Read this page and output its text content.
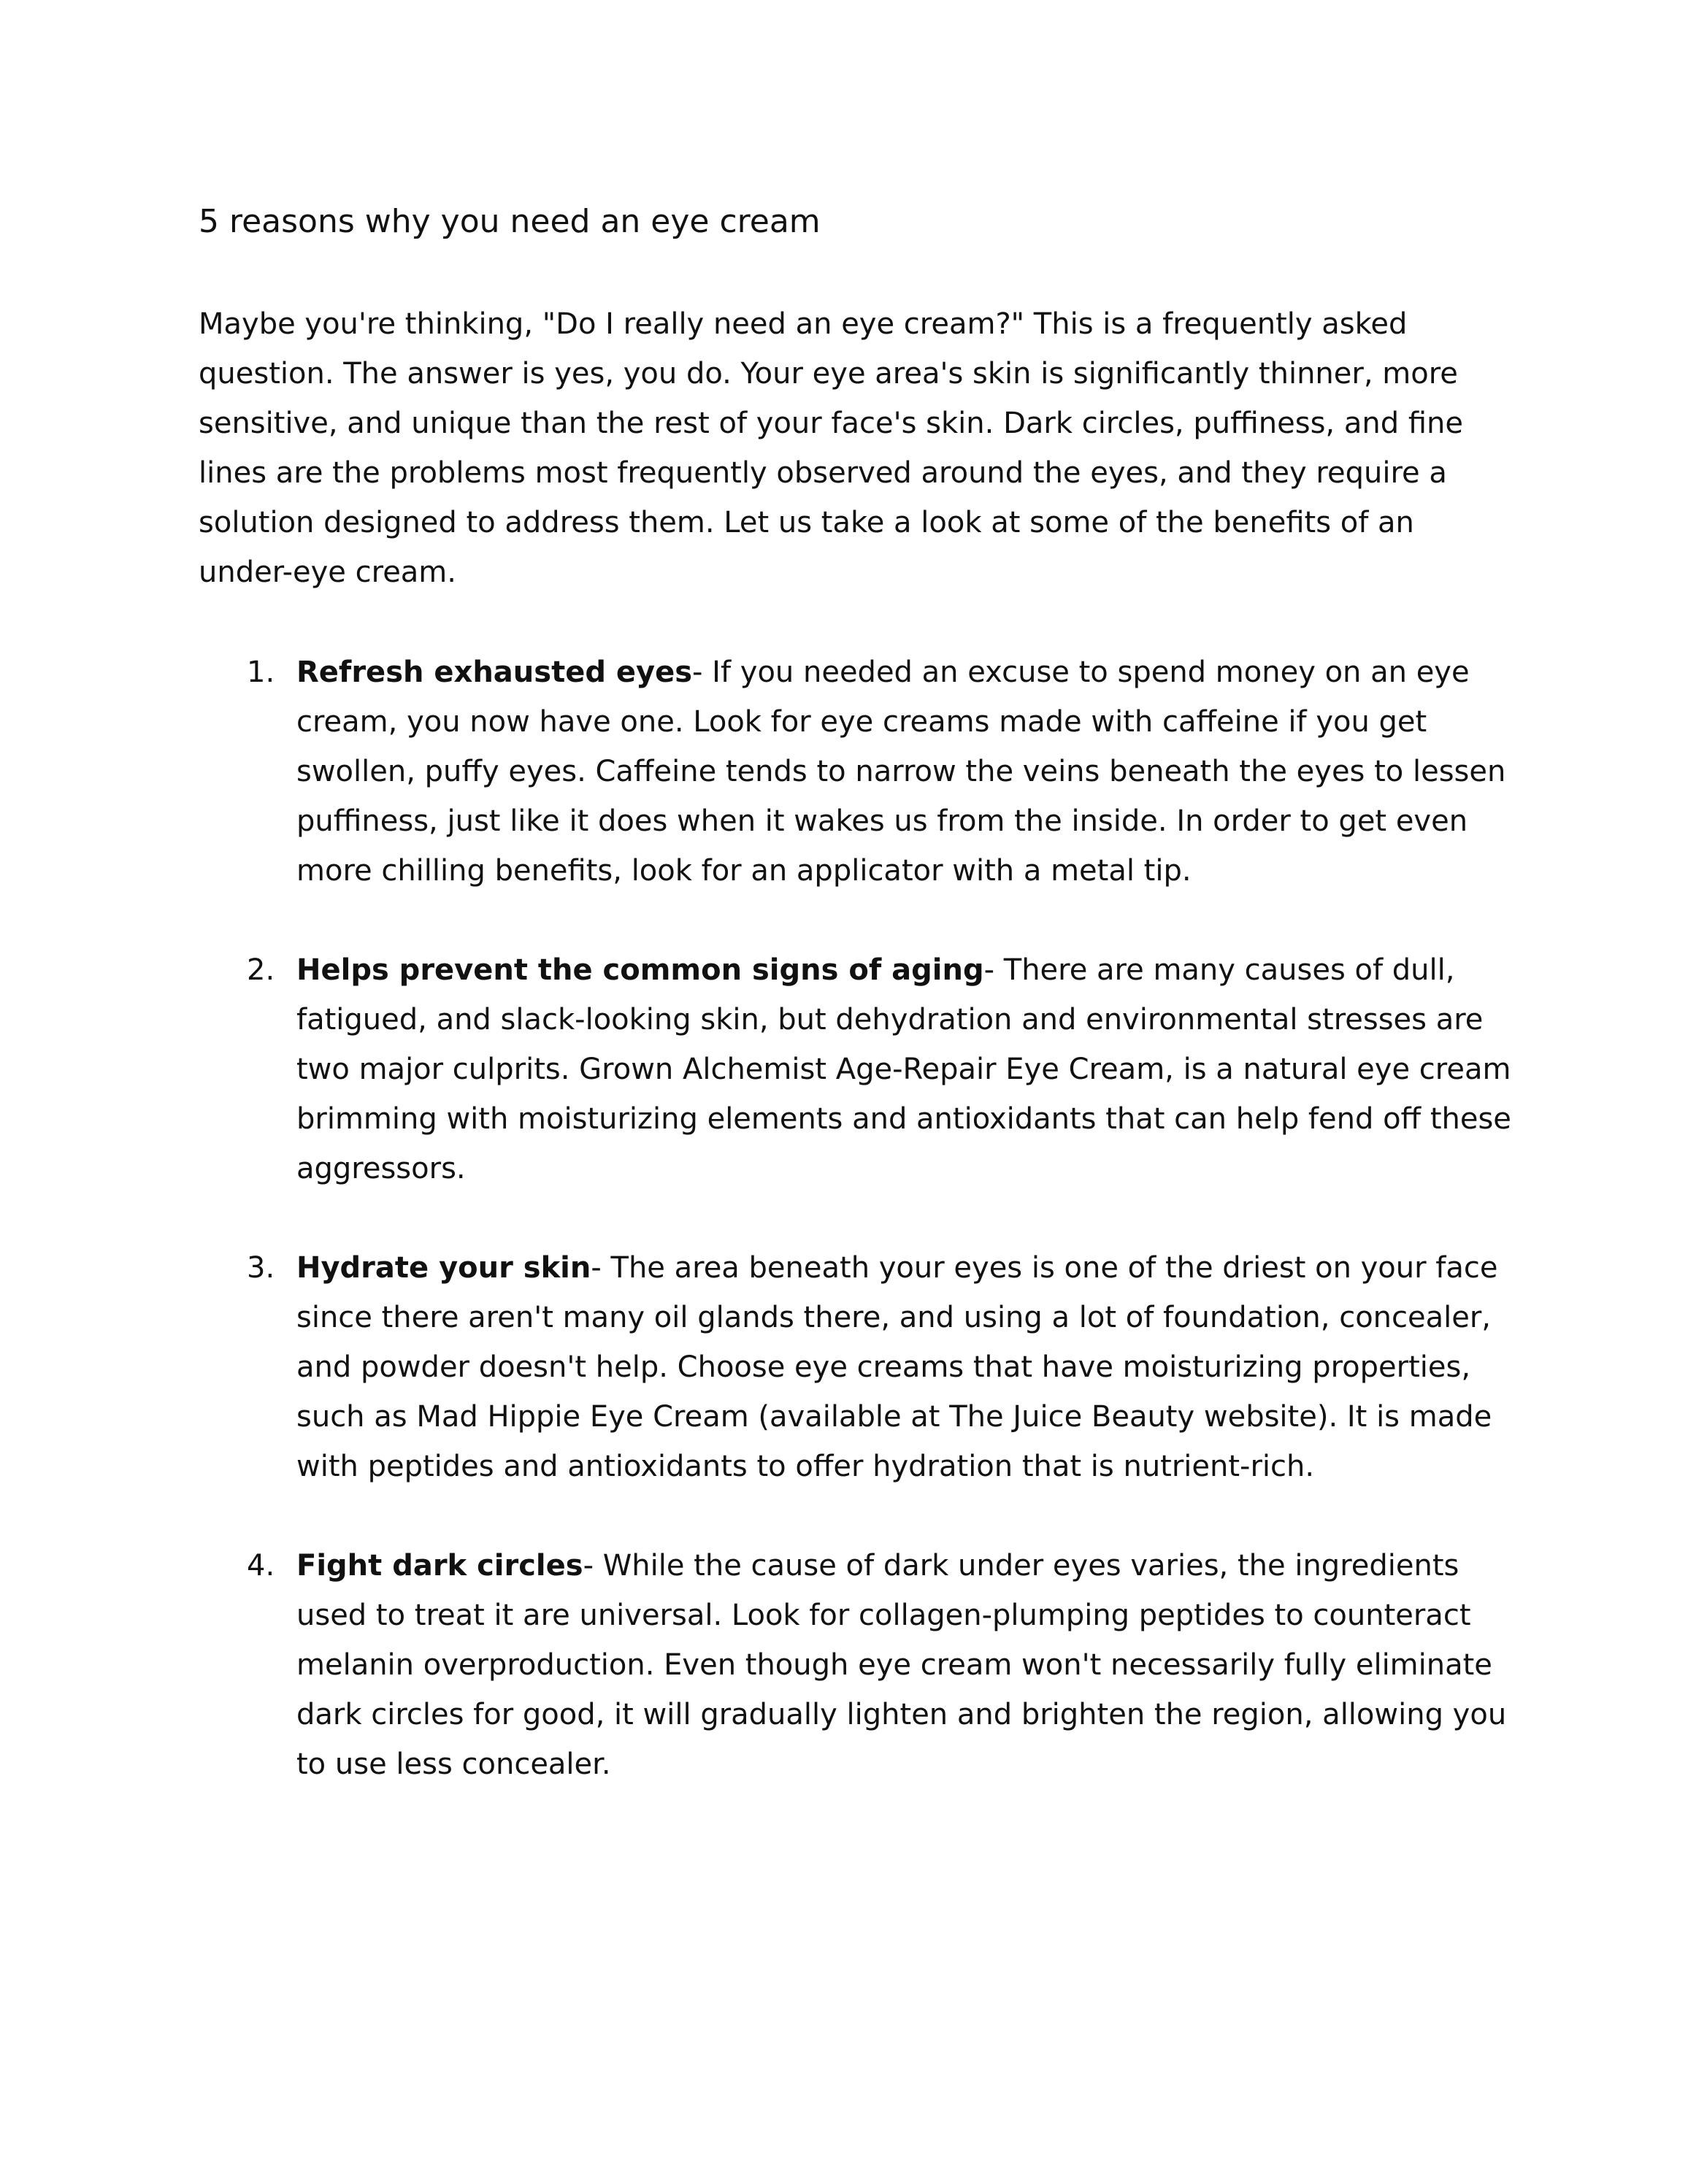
5 reasons why you need an eye cream

Maybe you're thinking, "Do I really need an eye cream?" This is a frequently asked question. The answer is yes, you do. Your eye area's skin is significantly thinner, more sensitive, and unique than the rest of your face's skin. Dark circles, puffiness, and fine lines are the problems most frequently observed around the eyes, and they require a solution designed to address them. Let us take a look at some of the benefits of an under-eye cream.

1. Refresh exhausted eyes- If you needed an excuse to spend money on an eye cream, you now have one. Look for eye creams made with caffeine if you get swollen, puffy eyes. Caffeine tends to narrow the veins beneath the eyes to lessen puffiness, just like it does when it wakes us from the inside. In order to get even more chilling benefits, look for an applicator with a metal tip.
2. Helps prevent the common signs of aging- There are many causes of dull, fatigued, and slack-looking skin, but dehydration and environmental stresses are two major culprits. Grown Alchemist Age-Repair Eye Cream, is a natural eye cream brimming with moisturizing elements and antioxidants that can help fend off these aggressors.
3. Hydrate your skin- The area beneath your eyes is one of the driest on your face since there aren't many oil glands there, and using a lot of foundation, concealer, and powder doesn't help. Choose eye creams that have moisturizing properties, such as Mad Hippie Eye Cream (available at The Juice Beauty website). It is made with peptides and antioxidants to offer hydration that is nutrient-rich.
4. Fight dark circles- While the cause of dark under eyes varies, the ingredients used to treat it are universal. Look for collagen-plumping peptides to counteract melanin overproduction. Even though eye cream won't necessarily fully eliminate dark circles for good, it will gradually lighten and brighten the region, allowing you to use less concealer.
